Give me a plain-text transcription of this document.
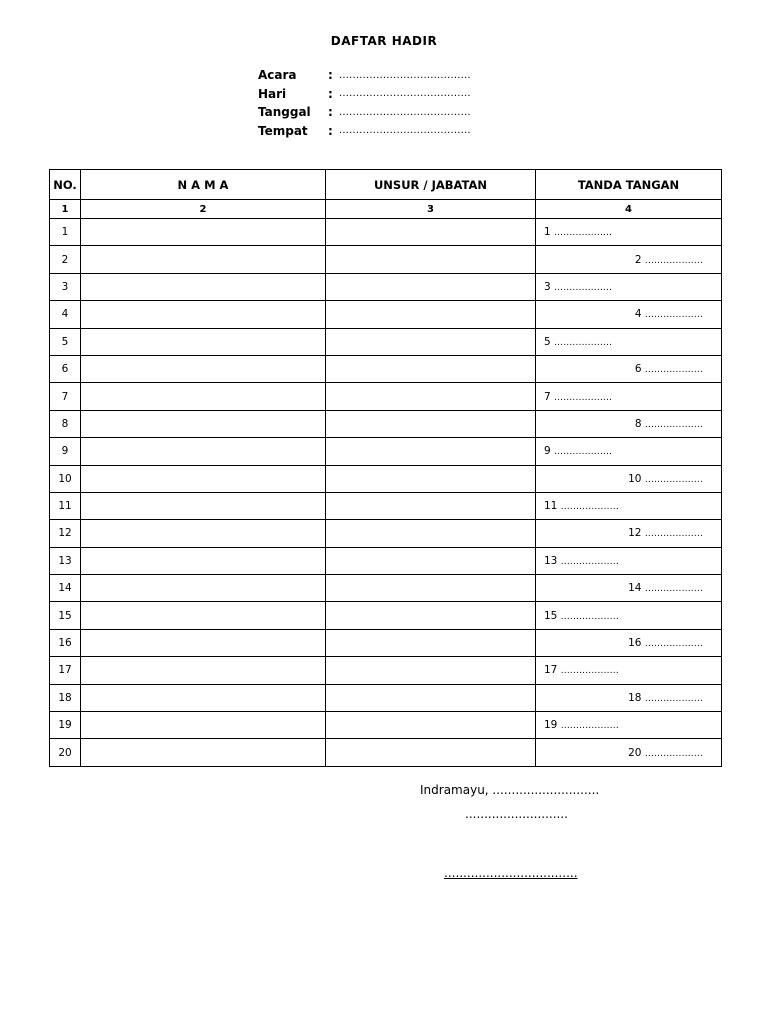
DAFTAR HADIR
Acara	: .......................................
Hari	: .......................................
Tanggal	: .......................................
Tempat	: .......................................
NO.	N A M A	UNSUR / JABATAN	TANDA TANGAN
1	2	3	4
1			1 ...................

2			2 ...................

3			3 ...................

4			4 ...................

5			5 ...................

6			6 ...................

7			7 ...................

8			8 ...................

9			9 ...................

10			10 ...................

11			11 ...................

12			12 ...................

13			13 ...................

14			14 ...................

15			15 ...................

16			16 ...................

17			17 ...................

18			18 ...................

19			19 ...................

20			20 ...................
Indramayu, ............................
...........................
...................................
